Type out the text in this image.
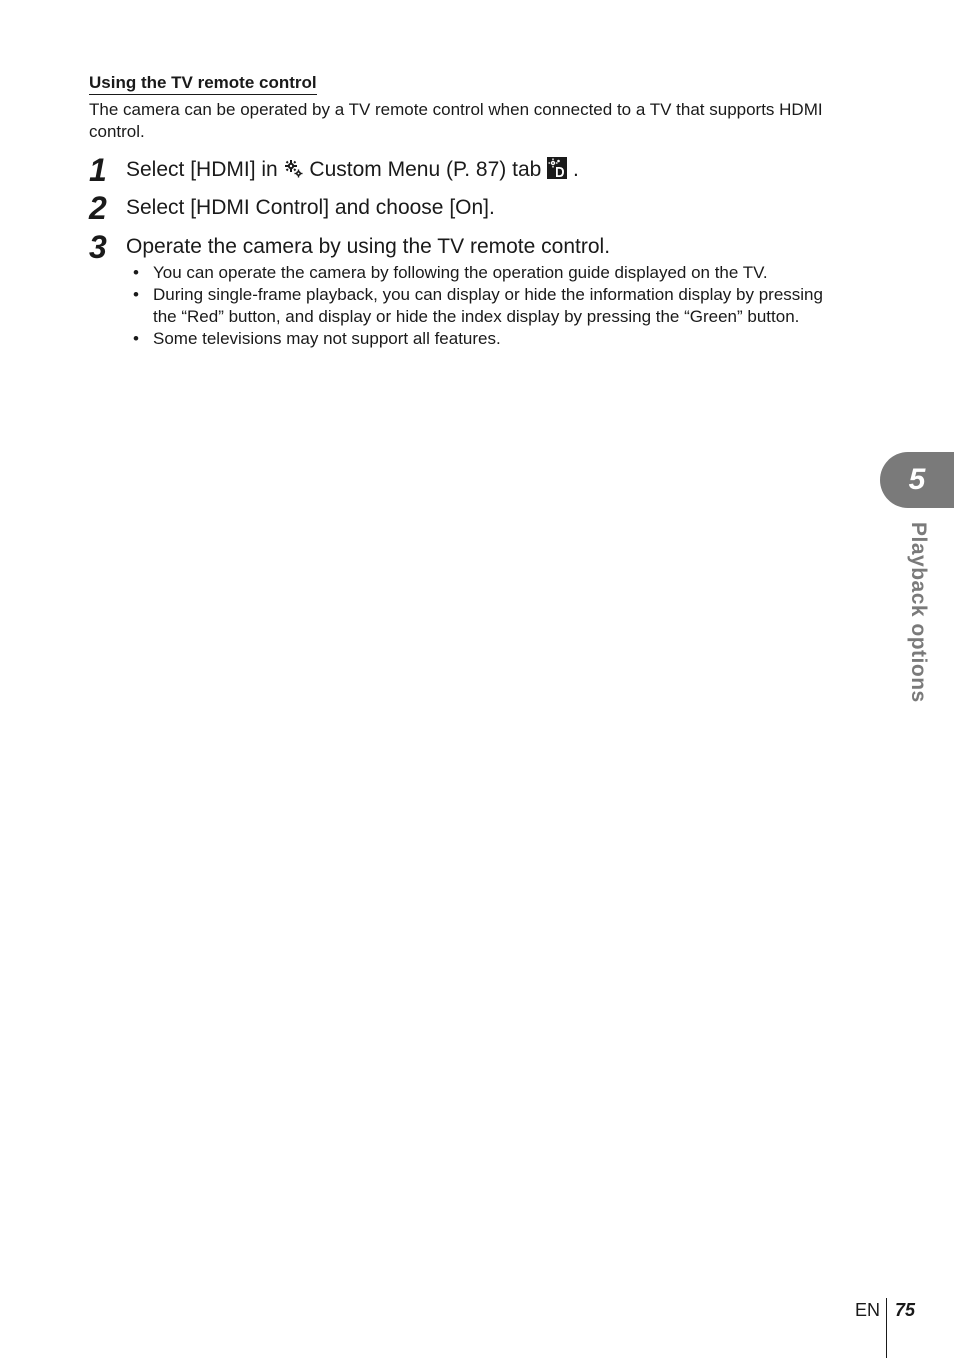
Using the TV remote control

The camera can be operated by a TV remote control when connected to a TV that supports HDMI control.

1 Select [HDMI] in Custom Menu (P. 87) tab .
2 Select [HDMI Control] and choose [On].
3 Operate the camera by using the TV remote control.
• You can operate the camera by following the operation guide displayed on the TV.
• During single-frame playback, you can display or hide the information display by pressing the “Red” button, and display or hide the index display by pressing the “Green” button.
• Some televisions may not support all features.
5
Playback options
EN 75
